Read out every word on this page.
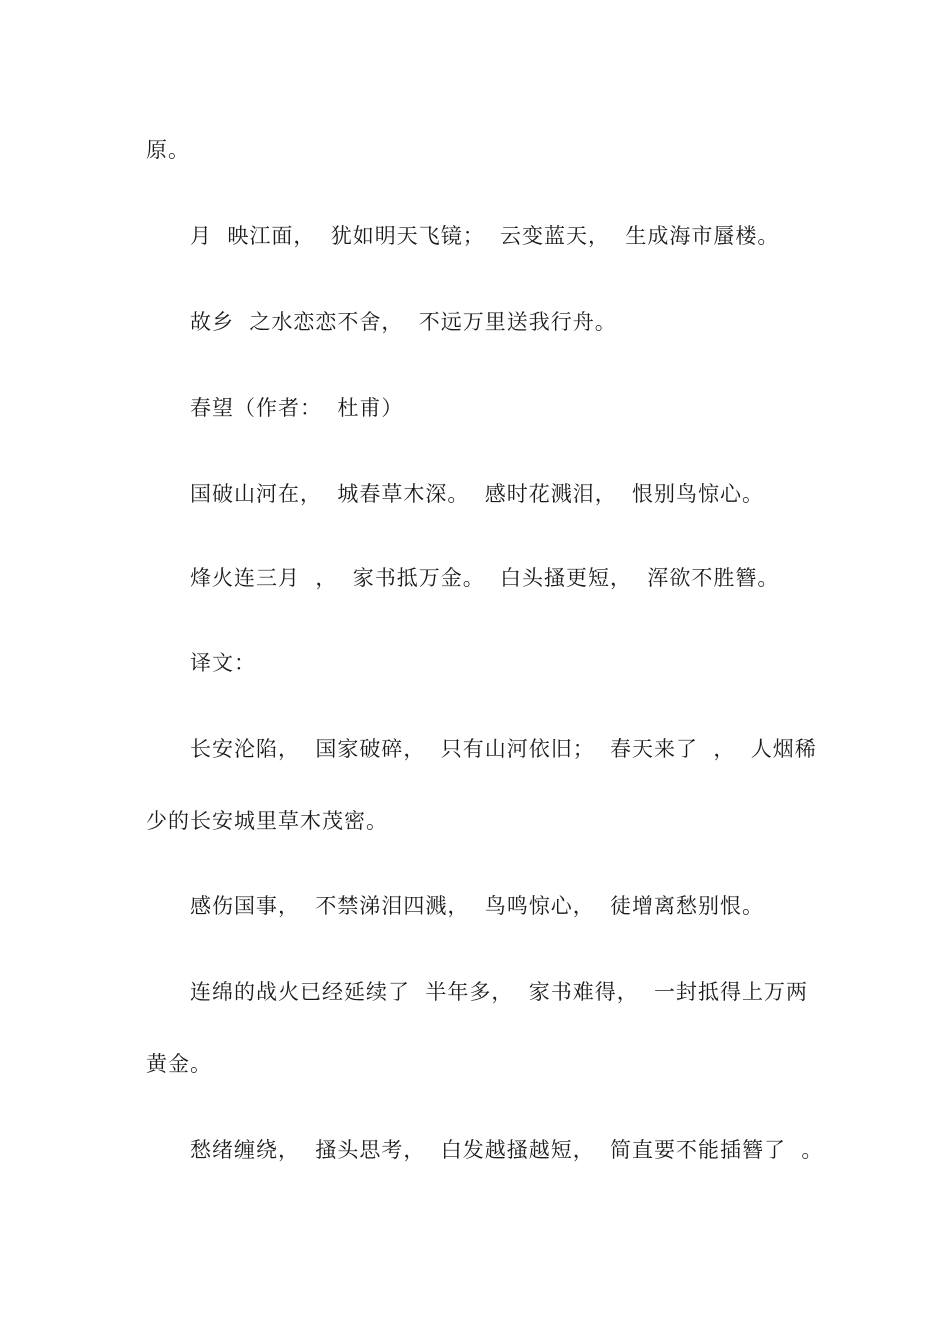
原。
月  映江面，  犹如明天飞镜；  云变蓝天，  生成海市蜃楼。
故乡  之水恋恋不舍，  不远万里送我行舟。
春望（作者：  杜甫）
国破山河在，  城春草木深。  感时花溅泪，  恨别鸟惊心。
烽火连三月  ，  家书抵万金。  白头搔更短，  浑欲不胜簪。
译文：
长安沦陷，  国家破碎，  只有山河依旧；  春天来了  ，  人烟稀
少的长安城里草木茂密。
感伤国事，  不禁涕泪四溅，  鸟鸣惊心，  徒增离愁别恨。
连绵的战火已经延续了  半年多，  家书难得，  一封抵得上万两
黄金。
愁绪缠绕，  搔头思考，  白发越搔越短，  简直要不能插簪了  。
